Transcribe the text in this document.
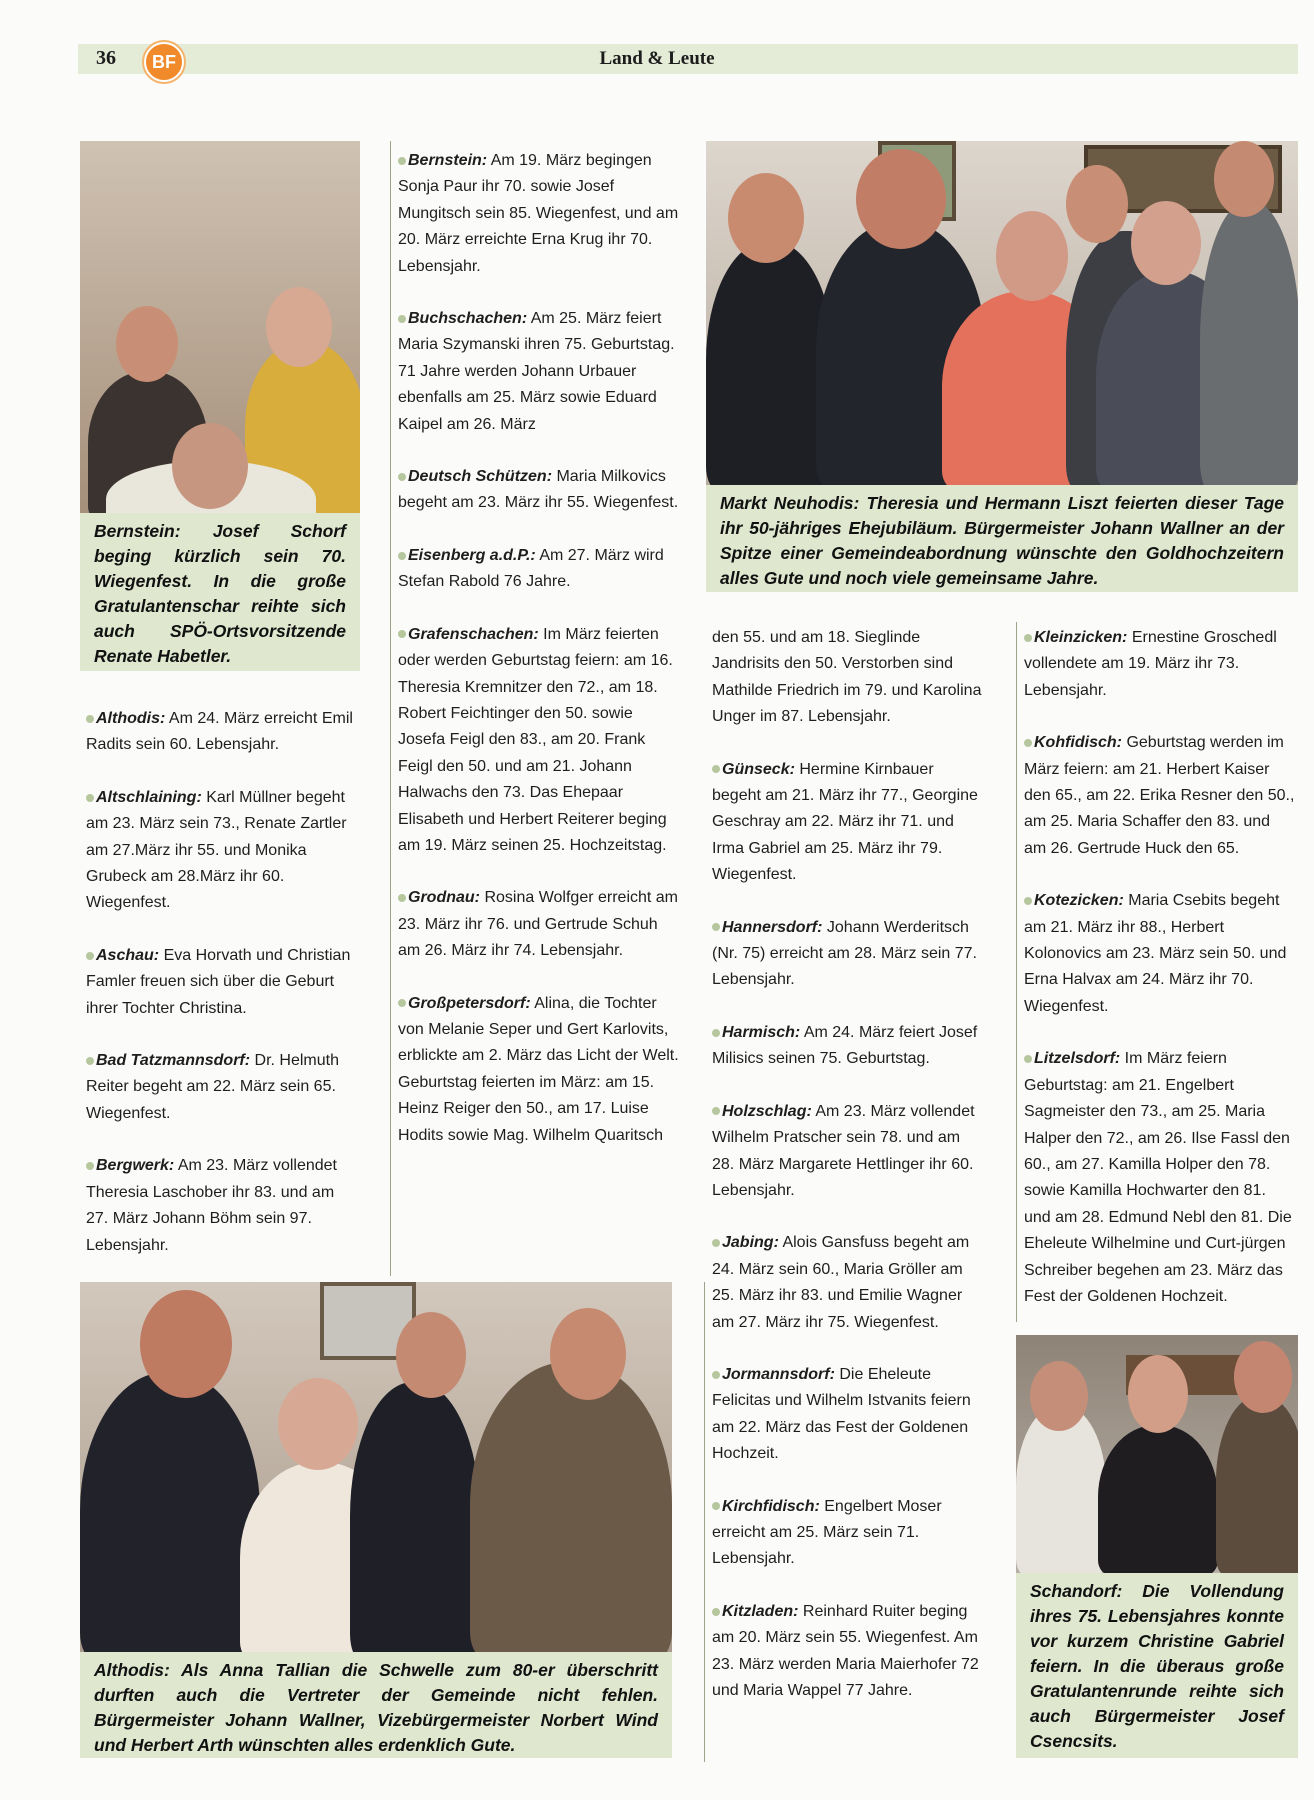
36	BF	Land & Leute
Bernstein: Josef Schorf beging kürzlich sein 70. Wiegenfest. In die große Gratulantenschar reihte sich auch SPÖ-Ortsvorsitzende Renate Habetler.
Markt Neuhodis: Theresia und Hermann Liszt feierten dieser Tage ihr 50-jähriges Ehejubiläum. Bürgermeister Johann Wallner an der Spitze einer Gemeindeabordnung wünschte den Goldhochzeitern alles Gute und noch viele gemeinsame Jahre.
Althodis: Als Anna Tallian die Schwelle zum 80-er überschritt durften auch die Vertreter der Gemeinde nicht fehlen. Bürgermeister Johann Wallner, Vizebürgermeister Norbert Wind und Herbert Arth wünschten alles erdenklich Gute.
Schandorf: Die Vollendung ihres 75. Lebensjahres konnte vor kurzem Christine Gabriel feiern. In die überaus große Gratulantenrunde reihte sich auch Bürgermeister Josef Csencsits.

Althodis: Am 24. März erreicht Emil Radits sein 60. Lebensjahr.

Altschlaining: Karl Müllner begeht am 23. März sein 73., Renate Zartler am 27.März ihr 55. und Monika Grubeck am 28.März ihr 60. Wiegenfest.

Aschau: Eva Horvath und Christian Famler freuen sich über die Geburt ihrer Tochter Christina.

Bad Tatzmannsdorf: Dr. Helmuth Reiter begeht am 22. März sein 65. Wiegenfest.

Bergwerk: Am 23. März vollendet Theresia Laschober ihr 83. und am 27. März Johann Böhm sein 97. Lebensjahr.

Bernstein: Am 19. März begingen Sonja Paur ihr 70. sowie Josef Mungitsch sein 85. Wiegenfest, und am 20. März erreichte Erna Krug ihr 70. Lebensjahr.

Buchschachen: Am 25. März feiert Maria Szymanski ihren 75. Geburtstag. 71 Jahre werden Johann Urbauer ebenfalls am 25. März sowie Eduard Kaipel am 26. März

Deutsch Schützen: Maria Milkovics begeht am 23. März ihr 55. Wiegenfest.

Eisenberg a.d.P.: Am 27. März wird Stefan Rabold 76 Jahre.

Grafenschachen: Im März feierten oder werden Geburtstag feiern: am 16. Theresia Kremnitzer den 72., am 18. Robert Feichtinger den 50. sowie Josefa Feigl den 83., am 20. Frank Feigl den 50. und am 21. Johann Halwachs den 73. Das Ehepaar Elisabeth und Herbert Reiterer beging am 19. März seinen 25. Hochzeitstag.

Grodnau: Rosina Wolfger erreicht am 23. März ihr 76. und Gertrude Schuh am 26. März ihr 74. Lebensjahr.

Großpetersdorf: Alina, die Tochter von Melanie Seper und Gert Karlovits, erblickte am 2. März das Licht der Welt. Geburtstag feierten im März: am 15. Heinz Reiger den 50., am 17. Luise Hodits sowie Mag. Wilhelm Quaritsch

den 55. und am 18. Sieglinde Jandrisits den 50. Verstorben sind Mathilde Friedrich im 79. und Karolina Unger im 87. Lebensjahr.

Günseck: Hermine Kirnbauer begeht am 21. März ihr 77., Georgine Geschray am 22. März ihr 71. und Irma Gabriel am 25. März ihr 79. Wiegenfest.

Hannersdorf: Johann Werderitsch (Nr. 75) erreicht am 28. März sein 77. Lebensjahr.

Harmisch: Am 24. März feiert Josef Milisics seinen 75. Geburtstag.

Holzschlag: Am 23. März vollendet Wilhelm Pratscher sein 78. und am 28. März Margarete Hettlinger ihr 60. Lebensjahr.

Jabing: Alois Gansfuss begeht am 24. März sein 60., Maria Gröller am 25. März ihr 83. und Emilie Wagner am 27. März ihr 75. Wiegenfest.

Jormannsdorf: Die Eheleute Felicitas und Wilhelm Istvanits feiern am 22. März das Fest der Goldenen Hochzeit.

Kirchfidisch: Engelbert Moser erreicht am 25. März sein 71. Lebensjahr.

Kitzladen: Reinhard Ruiter beging am 20. März sein 55. Wiegenfest. Am 23. März werden Maria Maierhofer 72 und Maria Wappel 77 Jahre.

Kleinzicken: Ernestine Groschedl vollendete am 19. März ihr 73. Lebensjahr.

Kohfidisch: Geburtstag werden im März feiern: am 21. Herbert Kaiser den 65., am 22. Erika Resner den 50., am 25. Maria Schaffer den 83. und am 26. Gertrude Huck den 65.

Kotezicken: Maria Csebits begeht am 21. März ihr 88., Herbert Kolonovics am 23. März sein 50. und Erna Halvax am 24. März ihr 70. Wiegenfest.

Litzelsdorf: Im März feiern Geburtstag: am 21. Engelbert Sagmeister den 73., am 25. Maria Halper den 72., am 26. Ilse Fassl den 60., am 27. Kamilla Holper den 78. sowie Kamilla Hochwarter den 81. und am 28. Edmund Nebl den 81. Die Eheleute Wilhelmine und Curt-jürgen Schreiber begehen am 23. März das Fest der Goldenen Hochzeit.
